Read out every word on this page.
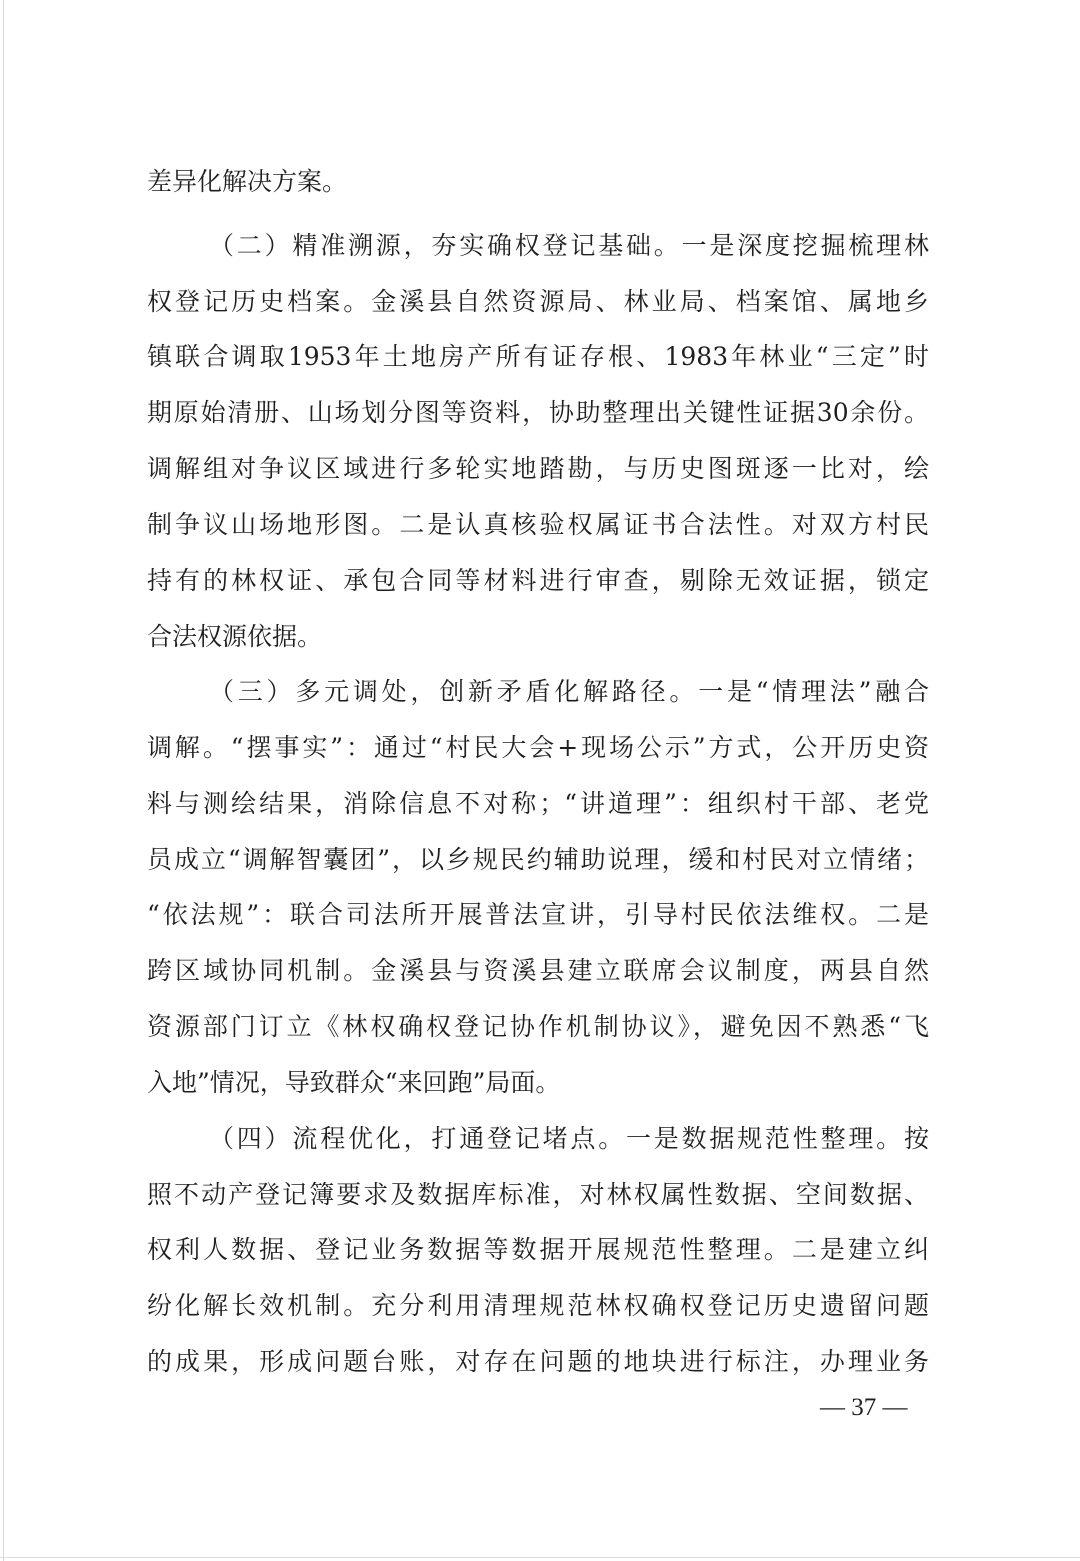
差异化解决方案。
（二）精准溯源，夯实确权登记基础。一是深度挖掘梳理林
权登记历史档案。金溪县自然资源局、林业局、档案馆、属地乡
镇联合调取1953年土地房产所有证存根、1983年林业“三定”时
期原始清册、山场划分图等资料，协助整理出关键性证据30余份。
调解组对争议区域进行多轮实地踏勘，与历史图斑逐一比对，绘
制争议山场地形图。二是认真核验权属证书合法性。对双方村民
持有的林权证、承包合同等材料进行审查，剔除无效证据，锁定
合法权源依据。
（三）多元调处，创新矛盾化解路径。一是“情理法”融合
调解。“摆事实”：通过“村民大会+现场公示”方式，公开历史资
料与测绘结果，消除信息不对称；“讲道理”：组织村干部、老党
员成立“调解智囊团”，以乡规民约辅助说理，缓和村民对立情绪；
“依法规”：联合司法所开展普法宣讲，引导村民依法维权。二是
跨区域协同机制。金溪县与资溪县建立联席会议制度，两县自然
资源部门订立《林权确权登记协作机制协议》，避免因不熟悉“飞
入地”情况，导致群众“来回跑”局面。
（四）流程优化，打通登记堵点。一是数据规范性整理。按
照不动产登记簿要求及数据库标准，对林权属性数据、空间数据、
权利人数据、登记业务数据等数据开展规范性整理。二是建立纠
纷化解长效机制。充分利用清理规范林权确权登记历史遗留问题
的成果，形成问题台账，对存在问题的地块进行标注，办理业务
— 37 —
